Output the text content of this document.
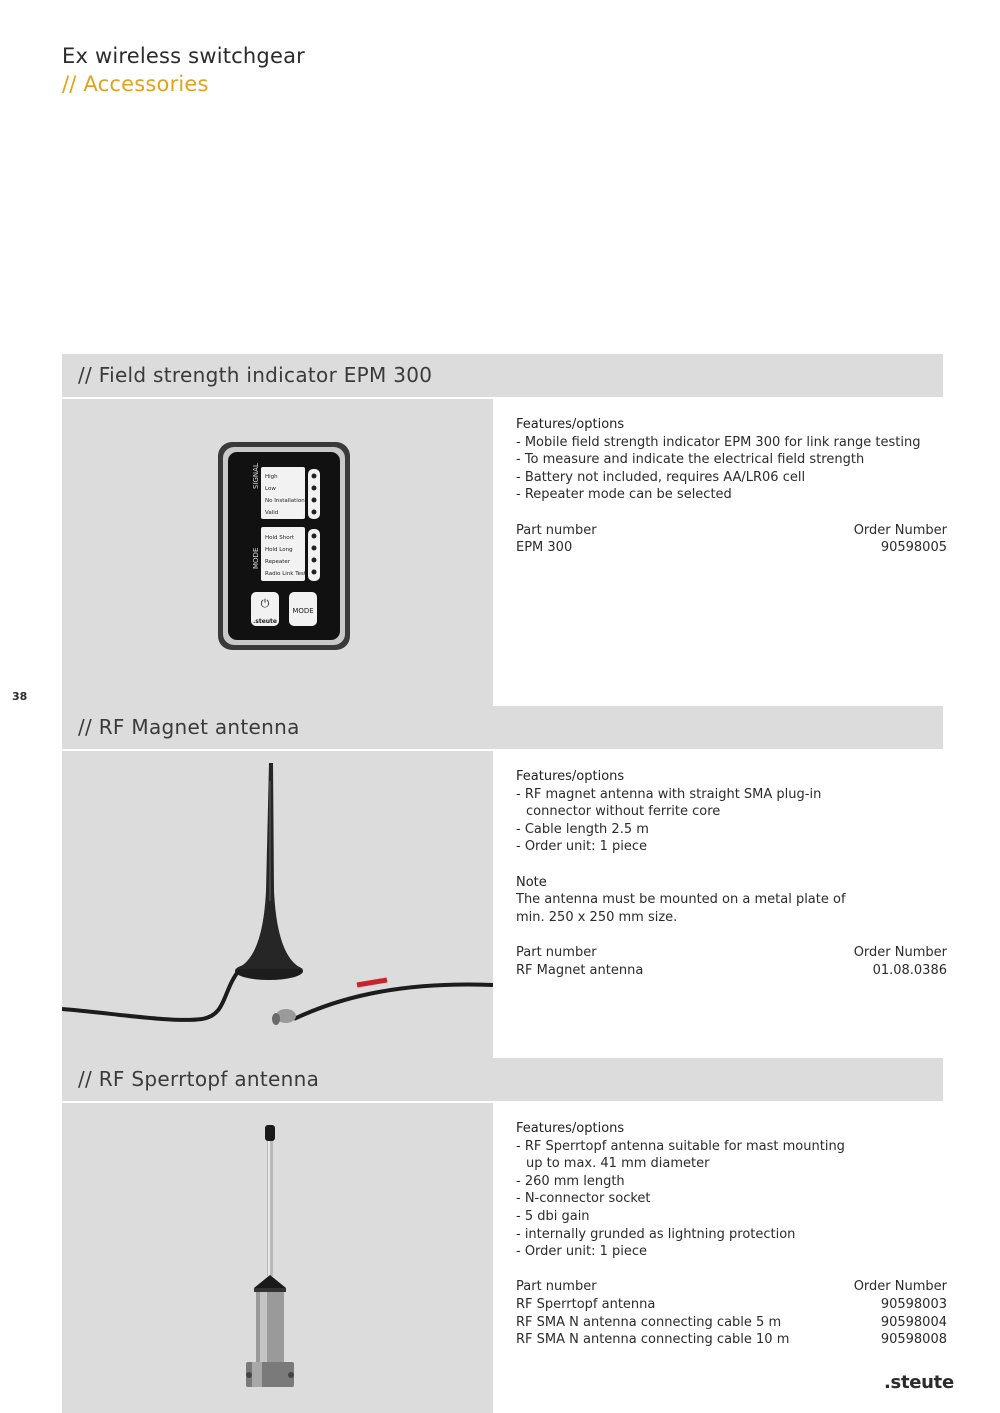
Ex wireless switchgear
// Accessories
38
// Field strength indicator EPM 300
SIGNAL High
Low
No Installation
Valid
MODE
Hold Short
Hold Long
Repeater
Radio Link Test
⏻
.steute
MODE
Features/options
- Mobile field strength indicator EPM 300 for link range testing
- To measure and indicate the electrical field strength
- Battery not included, requires AA/LR06 cell
- Repeater mode can be selected
Part number	Order Number
EPM 300	90598005
// RF Magnet antenna
Features/options
- RF magnet antenna with straight SMA plug-in connector without ferrite core
- Cable length 2.5 m
- Order unit: 1 piece
Note
The antenna must be mounted on a metal plate of min. 250 x 250 mm size.
Part number	Order Number
RF Magnet antenna	01.08.0386
// RF Sperrtopf antenna
Features/options
- RF Sperrtopf antenna suitable for mast mounting up to max. 41 mm diameter
- 260 mm length
- N-connector socket
- 5 dbi gain
- internally grunded as lightning protection
- Order unit: 1 piece
Part number	Order Number
RF Sperrtopf antenna	90598003
RF SMA N antenna connecting cable 5 m	90598004
RF SMA N antenna connecting cable 10 m	90598008
.steute
